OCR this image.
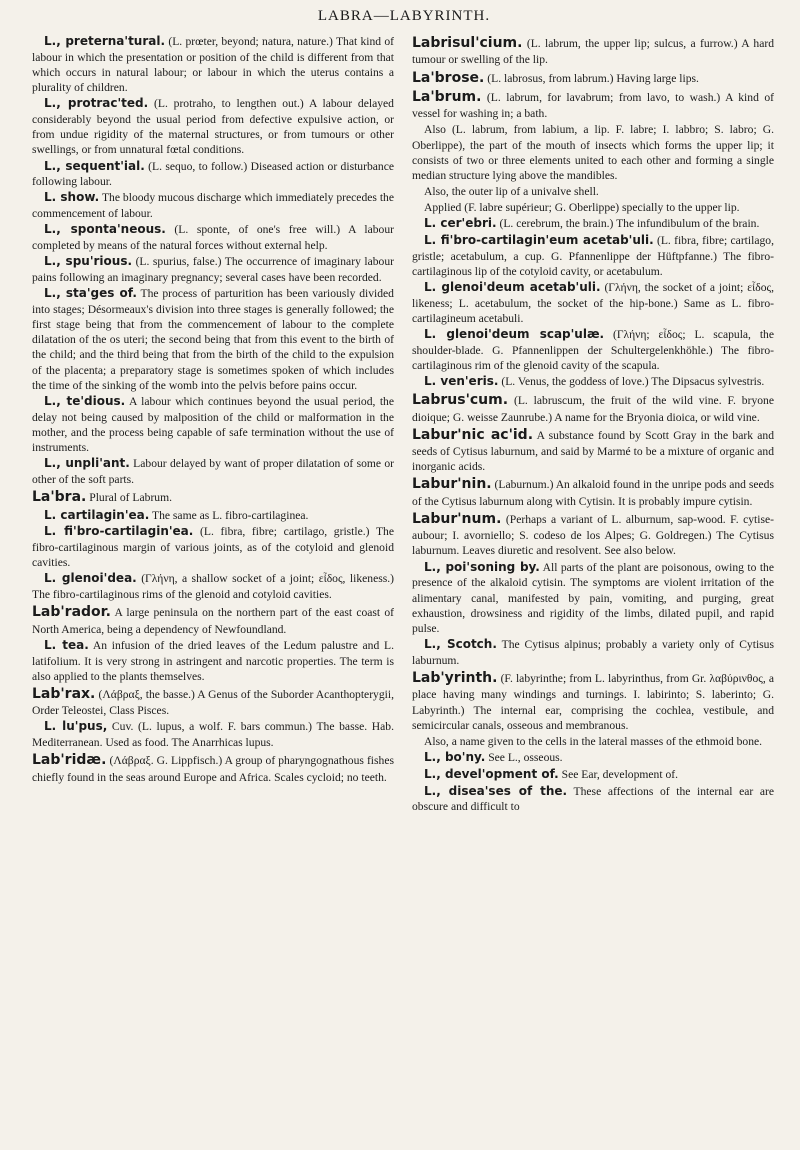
LABRA—LABYRINTH.

L., preterna'tural. (L. prœter, beyond; natura, nature.) That kind of labour in which the presentation or position of the child is different from that which occurs in natural labour; or labour in which the uterus contains a plurality of children.

L., protrac'ted. (L. protraho, to lengthen out.) A labour delayed considerably beyond the usual period from defective expulsive action, or from undue rigidity of the maternal structures, or from tumours or other swellings, or from unnatural fœtal conditions.

L., sequent'ial. (L. sequo, to follow.) Diseased action or disturbance following labour.

L. show. The bloody mucous discharge which immediately precedes the commencement of labour.

L., sponta'neous. (L. sponte, of one's free will.) A labour completed by means of the natural forces without external help.

L., spu'rious. (L. spurius, false.) The occurrence of imaginary labour pains following an imaginary pregnancy; several cases have been recorded.

L., sta'ges of. The process of parturition has been variously divided into stages; Désormeaux's division into three stages is generally followed; the first stage being that from the commencement of labour to the complete dilatation of the os uteri; the second being that from this event to the birth of the child; and the third being that from the birth of the child to the expulsion of the placenta; a preparatory stage is sometimes spoken of which includes the time of the sinking of the womb into the pelvis before pains occur.

L., te'dious. A labour which continues beyond the usual period, the delay not being caused by malposition of the child or malformation in the mother, and the process being capable of safe termination without the use of instruments.

L., unpli'ant. Labour delayed by want of proper dilatation of some or other of the soft parts.

La'bra. Plural of Labrum.

L. cartilagin'ea. The same as L. fibro-cartilaginea.

L. fi'bro-cartilagin'ea. (L. fibra, fibre; cartilago, gristle.) The fibro-cartilaginous margin of various joints, as of the cotyloid and glenoid cavities.

L. glenoi'dea. (Γλήνη, a shallow socket of a joint; εἶδος, likeness.) The fibro-cartilaginous rims of the glenoid and cotyloid cavities.

Lab'rador. A large peninsula on the northern part of the east coast of North America, being a dependency of Newfoundland.

L. tea. An infusion of the dried leaves of the Ledum palustre and L. latifolium. It is very strong in astringent and narcotic properties. The term is also applied to the plants themselves.

Lab'rax. (Λάβραξ, the basse.) A Genus of the Suborder Acanthopterygii, Order Teleostei, Class Pisces.

L. lu'pus, Cuv. (L. lupus, a wolf. F. bars commun.) The basse. Hab. Mediterranean. Used as food. The Anarrhicas lupus.

Lab'ridæ. (Λάβραξ. G. Lippfisch.) A group of pharyngognathous fishes chiefly found in the seas around Europe and Africa. Scales cycloid; no teeth.

Labrisul'cium. (L. labrum, the upper lip; sulcus, a furrow.) A hard tumour or swelling of the lip.

La'brose. (L. labrosus, from labrum.) Having large lips.

La'brum. (L. labrum, for lavabrum; from lavo, to wash.) A kind of vessel for washing in; a bath.

Also (L. labrum, from labium, a lip. F. labre; I. labbro; S. labro; G. Oberlippe), the part of the mouth of insects which forms the upper lip; it consists of two or three elements united to each other and forming a single median structure lying above the mandibles.

Also, the outer lip of a univalve shell.

Applied (F. labre supérieur; G. Oberlippe) specially to the upper lip.

L. cer'ebri. (L. cerebrum, the brain.) The infundibulum of the brain.

L. fi'bro-cartilagin'eum acetab'uli. (L. fibra, fibre; cartilago, gristle; acetabulum, a cup. G. Pfannenlippe der Hüftpfanne.) The fibro-cartilaginous lip of the cotyloid cavity, or acetabulum.

L. glenoi'deum acetab'uli. (Γλήνη, the socket of a joint; εἶδος, likeness; L. acetabulum, the socket of the hip-bone.) Same as L. fibro-cartilagineum acetabuli.

L. glenoi'deum scap'ulæ. (Γλήνη; εἶδος; L. scapula, the shoulder-blade. G. Pfannenlippen der Schultergelenkhöhle.) The fibro-cartilaginous rim of the glenoid cavity of the scapula.

L. ven'eris. (L. Venus, the goddess of love.) The Dipsacus sylvestris.

Labrus'cum. (L. labruscum, the fruit of the wild vine. F. bryone dioique; G. weisse Zaunrube.) A name for the Bryonia dioica, or wild vine.

Labur'nic ac'id. A substance found by Scott Gray in the bark and seeds of Cytisus laburnum, and said by Marmé to be a mixture of organic and inorganic acids.

Labur'nin. (Laburnum.) An alkaloid found in the unripe pods and seeds of the Cytisus laburnum along with Cytisin. It is probably impure cytisin.

Labur'num. (Perhaps a variant of L. alburnum, sap-wood. F. cytise-aubour; I. avorniello; S. codeso de los Alpes; G. Goldregen.) The Cytisus laburnum. Leaves diuretic and resolvent. See also below.

L., poi'soning by. All parts of the plant are poisonous, owing to the presence of the alkaloid cytisin. The symptoms are violent irritation of the alimentary canal, manifested by pain, vomiting, and purging, great exhaustion, drowsiness and rigidity of the limbs, dilated pupil, and rapid pulse.

L., Scotch. The Cytisus alpinus; probably a variety only of Cytisus laburnum.

Lab'yrinth. (F. labyrinthe; from L. labyrinthus, from Gr. λαβύρινθος, a place having many windings and turnings. I. labirinto; S. laberinto; G. Labyrinth.) The internal ear, comprising the cochlea, vestibule, and semicircular canals, osseous and membranous.

Also, a name given to the cells in the lateral masses of the ethmoid bone.

L., bo'ny. See L., osseous.

L., devel'opment of. See Ear, development of.

L., disea'ses of the. These affections of the internal ear are obscure and difficult to
